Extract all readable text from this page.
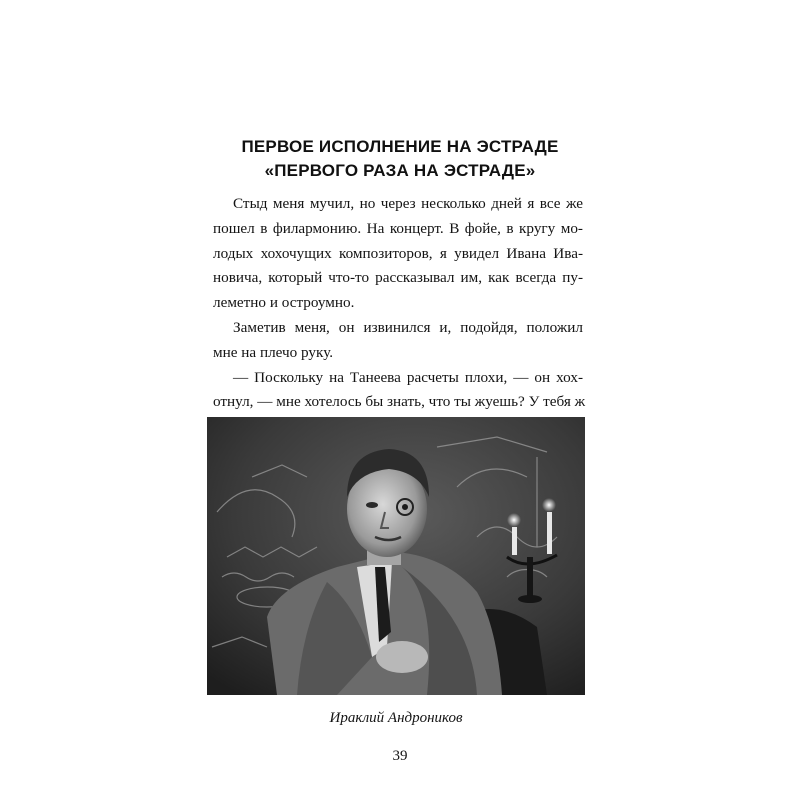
ПЕРВОЕ ИСПОЛНЕНИЕ НА ЭСТРАДЕ
«ПЕРВОГО РАЗА НА ЭСТРАДЕ»
Стыд меня мучил, но через несколько дней я все же
пошел в филармонию. На концерт. В фойе, в кругу мо-
лодых хохочущих композиторов, я увидел Ивана Ива-
новича, который что-то рассказывал им, как всегда пу-
леметно и остроумно.
Заметив меня, он извинился и, подойдя, положил
мне на плечо руку.
— Поскольку на Танеева расчеты плохи, — он хох-
отнул, — мне хотелось бы знать, что ты жуешь? У тебя ж
Ираклий Андроников
39
